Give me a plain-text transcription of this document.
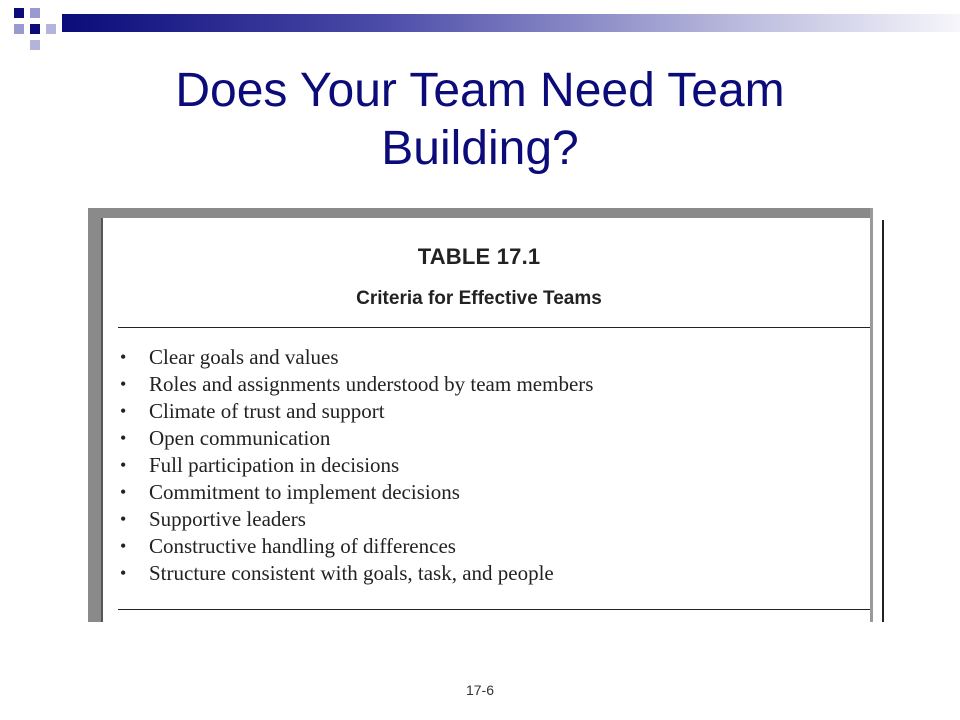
Does Your Team Need Team Building?
TABLE 17.1
Criteria for Effective Teams
• Clear goals and values
• Roles and assignments understood by team members
• Climate of trust and support
• Open communication
• Full participation in decisions
• Commitment to implement decisions
• Supportive leaders
• Constructive handling of differences
• Structure consistent with goals, task, and people
17-6
